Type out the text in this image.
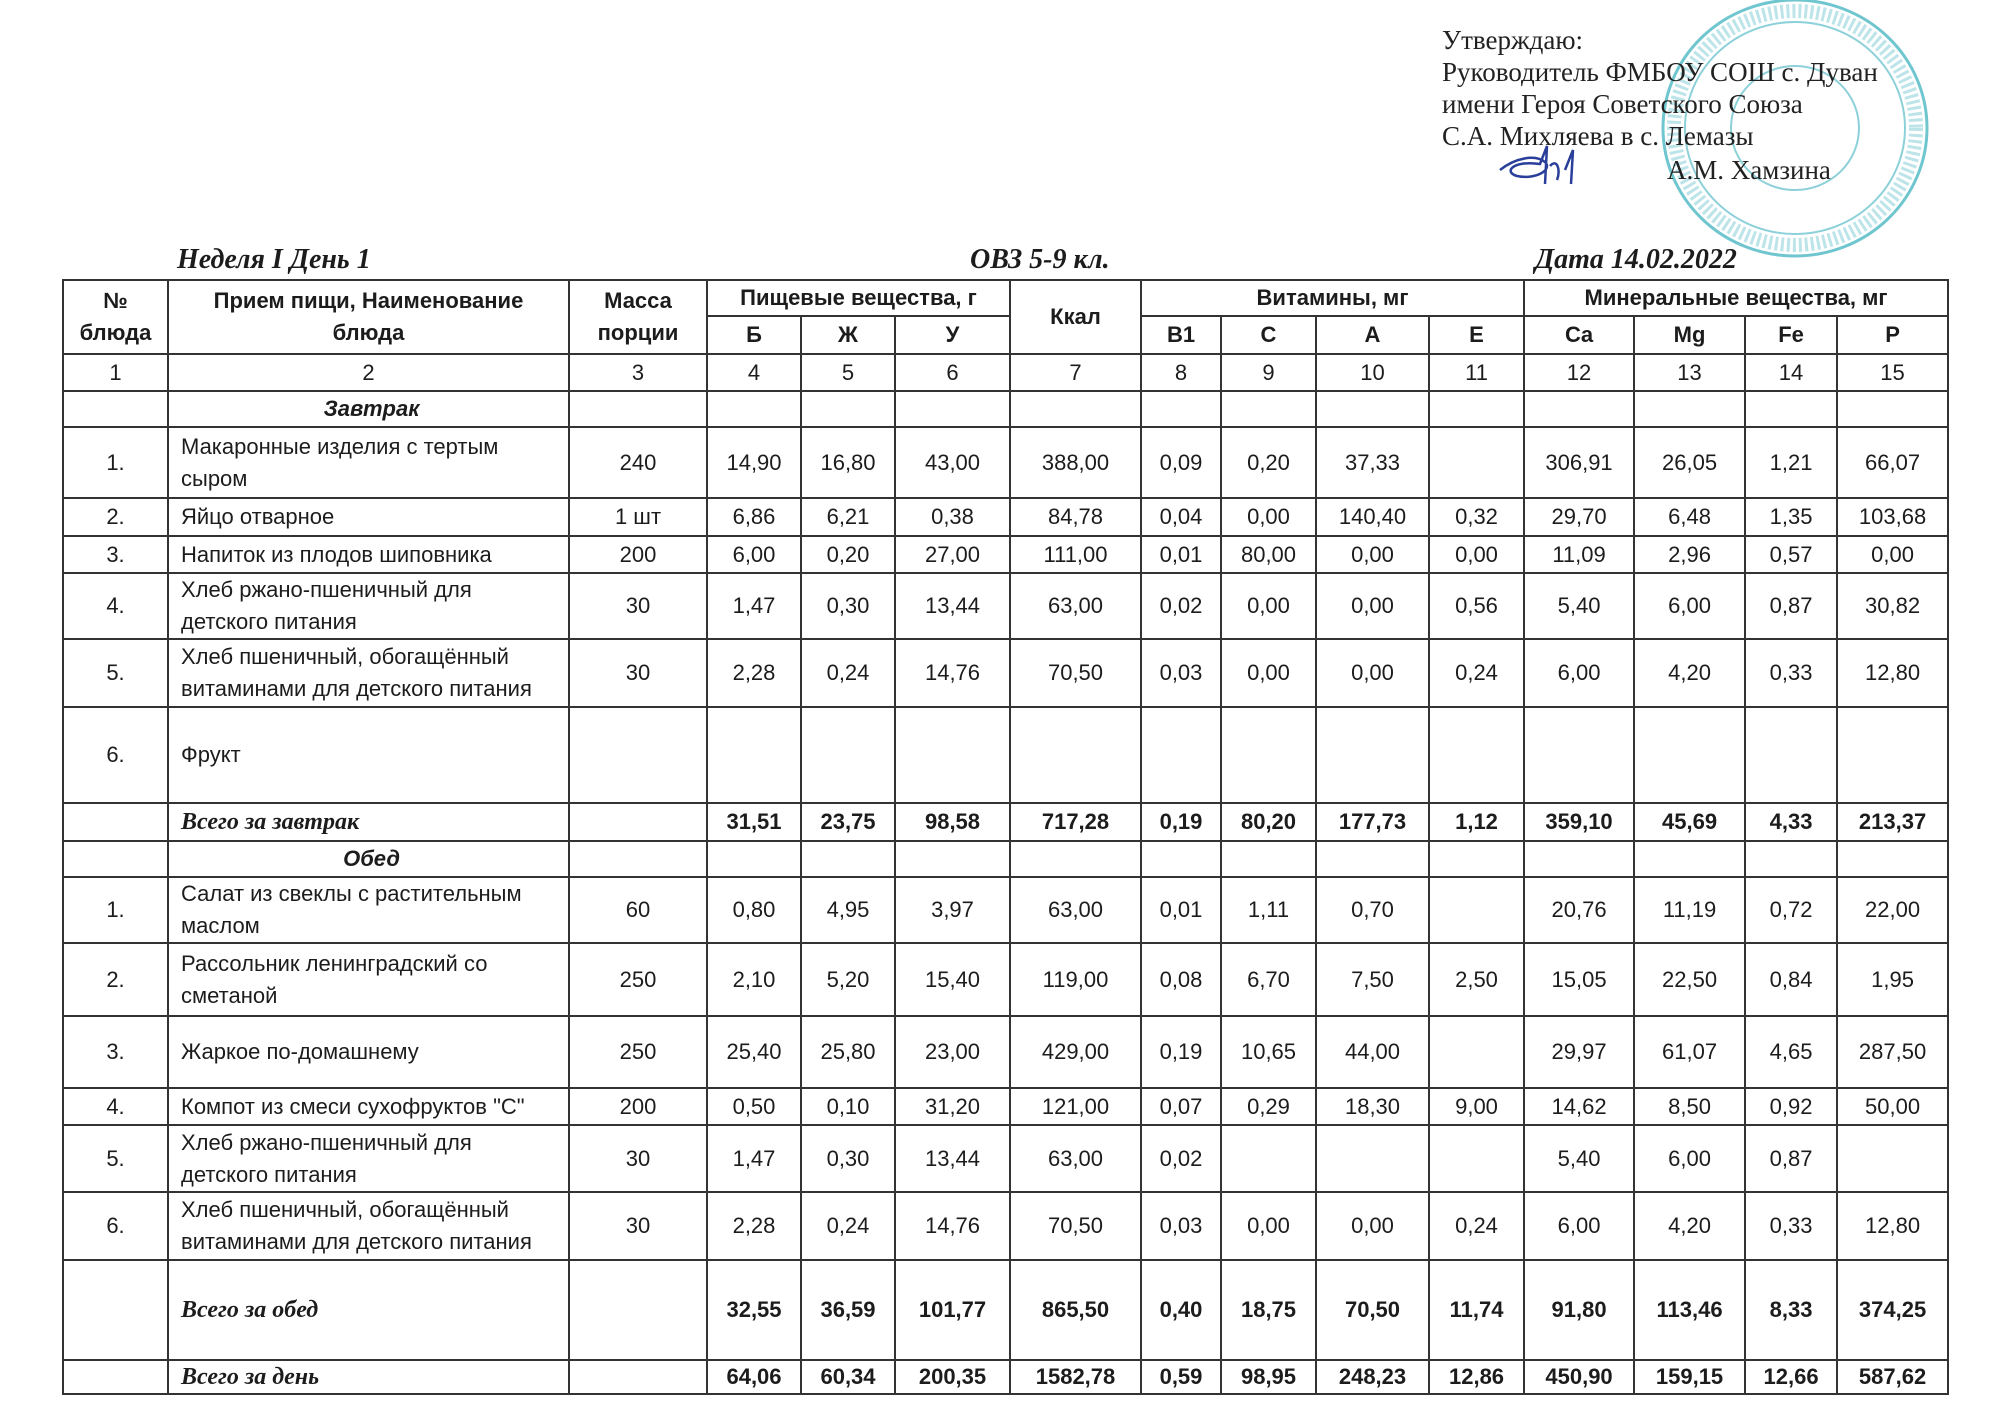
Утверждаю:
Руководитель ФМБОУ СОШ с. Дуван
имени Героя Советского Союза
С.А. Михляева в с. Лемазы
А.М. Хамзина
Неделя I День 1	ОВЗ 5-9 кл.	Дата 14.02.2022
№ блюда	Прием пищи, Наименование блюда	Масса порции	Пищевые вещества, г			Ккал	Витамины, мг				Минеральные вещества, мг			
			Б	Ж	У		В1	С	А	Е	Ca	Mg	Fe	P
1	2	3	4	5	6	7	8	9	10	11	12	13	14	15
	Завтрак													
1.	Макаронные изделия с тертым сыром	240	14,90	16,80	43,00	388,00	0,09	0,20	37,33		306,91	26,05	1,21	66,07
2.	Яйцо отварное	1 шт	6,86	6,21	0,38	84,78	0,04	0,00	140,40	0,32	29,70	6,48	1,35	103,68
3.	Напиток из плодов шиповника	200	6,00	0,20	27,00	111,00	0,01	80,00	0,00	0,00	11,09	2,96	0,57	0,00
4.	Хлеб ржано-пшеничный для детского питания	30	1,47	0,30	13,44	63,00	0,02	0,00	0,00	0,56	5,40	6,00	0,87	30,82
5.	Хлеб пшеничный, обогащённый витаминами для детского питания	30	2,28	0,24	14,76	70,50	0,03	0,00	0,00	0,24	6,00	4,20	0,33	12,80
6.	Фрукт													
	Всего за завтрак		31,51	23,75	98,58	717,28	0,19	80,20	177,73	1,12	359,10	45,69	4,33	213,37
	Обед													
1.	Салат из свеклы с растительным маслом	60	0,80	4,95	3,97	63,00	0,01	1,11	0,70		20,76	11,19	0,72	22,00
2.	Рассольник ленинградский со сметаной	250	2,10	5,20	15,40	119,00	0,08	6,70	7,50	2,50	15,05	22,50	0,84	1,95
3.	Жаркое по-домашнему	250	25,40	25,80	23,00	429,00	0,19	10,65	44,00		29,97	61,07	4,65	287,50
4.	Компот из смеси сухофруктов "С"	200	0,50	0,10	31,20	121,00	0,07	0,29	18,30	9,00	14,62	8,50	0,92	50,00
5.	Хлеб ржано-пшеничный для детского питания	30	1,47	0,30	13,44	63,00	0,02				5,40	6,00	0,87	
6.	Хлеб пшеничный, обогащённый витаминами для детского питания	30	2,28	0,24	14,76	70,50	0,03	0,00	0,00	0,24	6,00	4,20	0,33	12,80
	Всего за обед		32,55	36,59	101,77	865,50	0,40	18,75	70,50	11,74	91,80	113,46	8,33	374,25
	Всего за день		64,06	60,34	200,35	1582,78	0,59	98,95	248,23	12,86	450,90	159,15	12,66	587,62
